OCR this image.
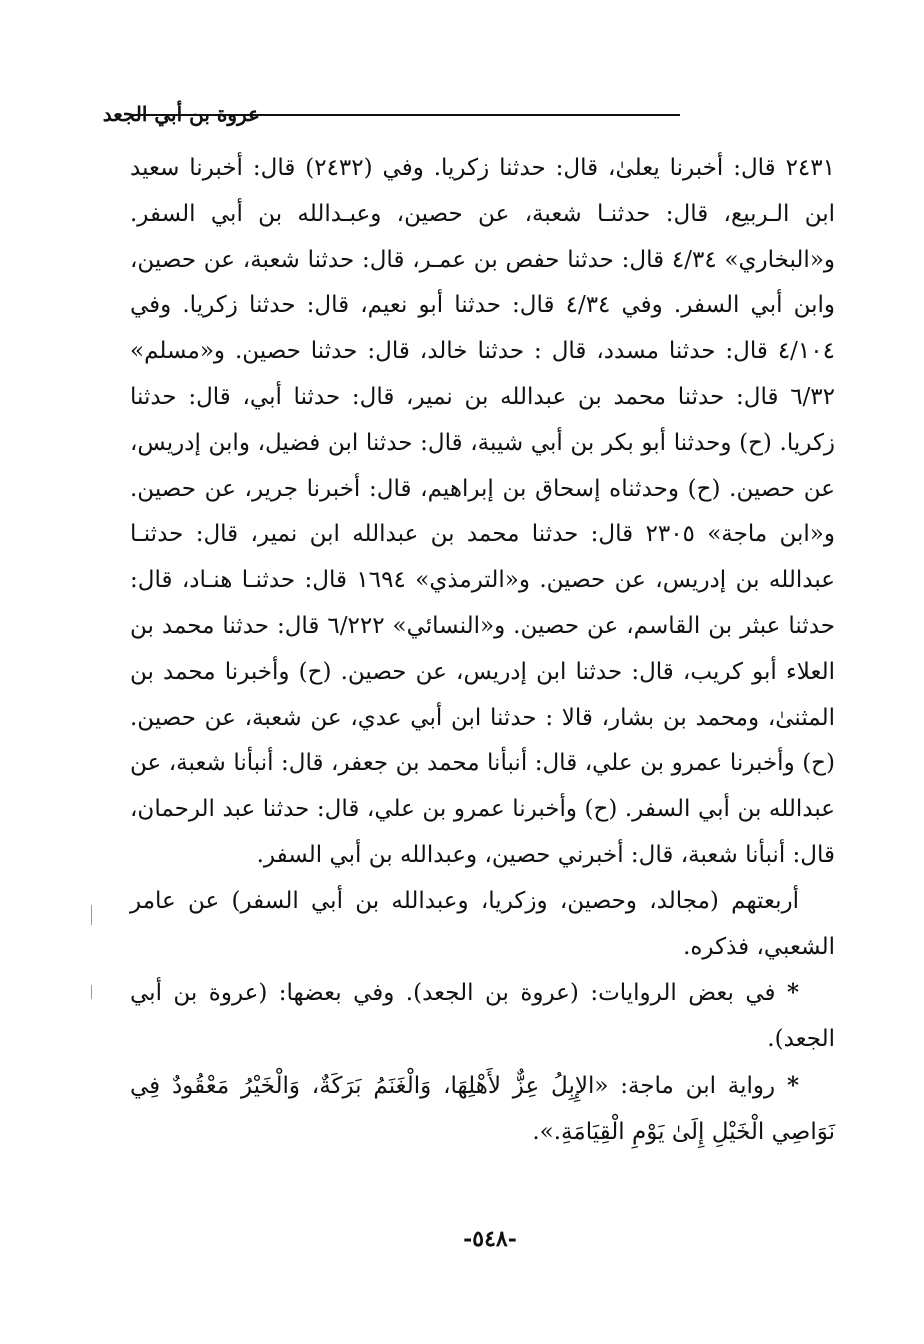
عروة بن أبي الجعد

٢٤٣١ قال: أخبرنا يعلىٰ، قال: حدثنا زكريا. وفي (٢٤٣٢) قال: أخبرنا سعيد ابن الـربيع، قال: حدثنـا شعبة، عن حصين، وعبـدالله بن أبي السفر. و«البخاري» ٤/٣٤ قال: حدثنا حفص بن عمـر، قال: حدثنا شعبة، عن حصين، وابن أبي السفر. وفي ٤/٣٤ قال: حدثنا أبو نعيم، قال: حدثنا زكريا. وفي ٤/١٠٤ قال: حدثنا مسدد، قال : حدثنا خالد، قال: حدثنا حصين. و«مسلم» ٦/٣٢ قال: حدثنا محمد بن عبدالله بن نمير، قال: حدثنا أبي، قال: حدثنا زكريا. (ح) وحدثنا أبو بكر بن أبي شيبة، قال: حدثنا ابن فضيل، وابن إدريس، عن حصين. (ح) وحدثناه إسحاق بن إبراهيم، قال: أخبرنا جرير، عن حصين. و«ابن ماجة» ٢٣٠٥ قال: حدثنا محمد بن عبدالله ابن نمير، قال: حدثنـا عبدالله بن إدريس، عن حصين. و«الترمذي» ١٦٩٤ قال: حدثنـا هنـاد، قال: حدثنا عبثر بن القاسم، عن حصين. و«النسائي» ٦/٢٢٢ قال: حدثنا محمد بن العلاء أبو كريب، قال: حدثنا ابن إدريس، عن حصين. (ح) وأخبرنا محمد بن المثنىٰ، ومحمد بن بشار، قالا : حدثنا ابن أبي عدي، عن شعبة، عن حصين. (ح) وأخبرنا عمرو بن علي، قال: أنبأنا محمد بن جعفر، قال: أنبأنا شعبة، عن عبدالله بن أبي السفر. (ح) وأخبرنا عمرو بن علي، قال: حدثنا عبد الرحمان، قال: أنبأنا شعبة، قال: أخبرني حصين، وعبدالله بن أبي السفر.

أربعتهم (مجالد، وحصين، وزكريا، وعبدالله بن أبي السفر) عن عامر الشعبي، فذكره.

* في بعض الروايات: (عروة بن الجعد). وفي بعضها: (عروة بن أبي الجعد).

* رواية ابن ماجة: «الإِبِلُ عِزٌّ لأَهْلِهَا، وَالْغَنَمُ بَرَكَةٌ، وَالْخَيْرُ مَعْقُودٌ فِي نَوَاصِي الْخَيْلِ إِلَىٰ يَوْمِ الْقِيَامَةِ.».

-٥٤٨-
